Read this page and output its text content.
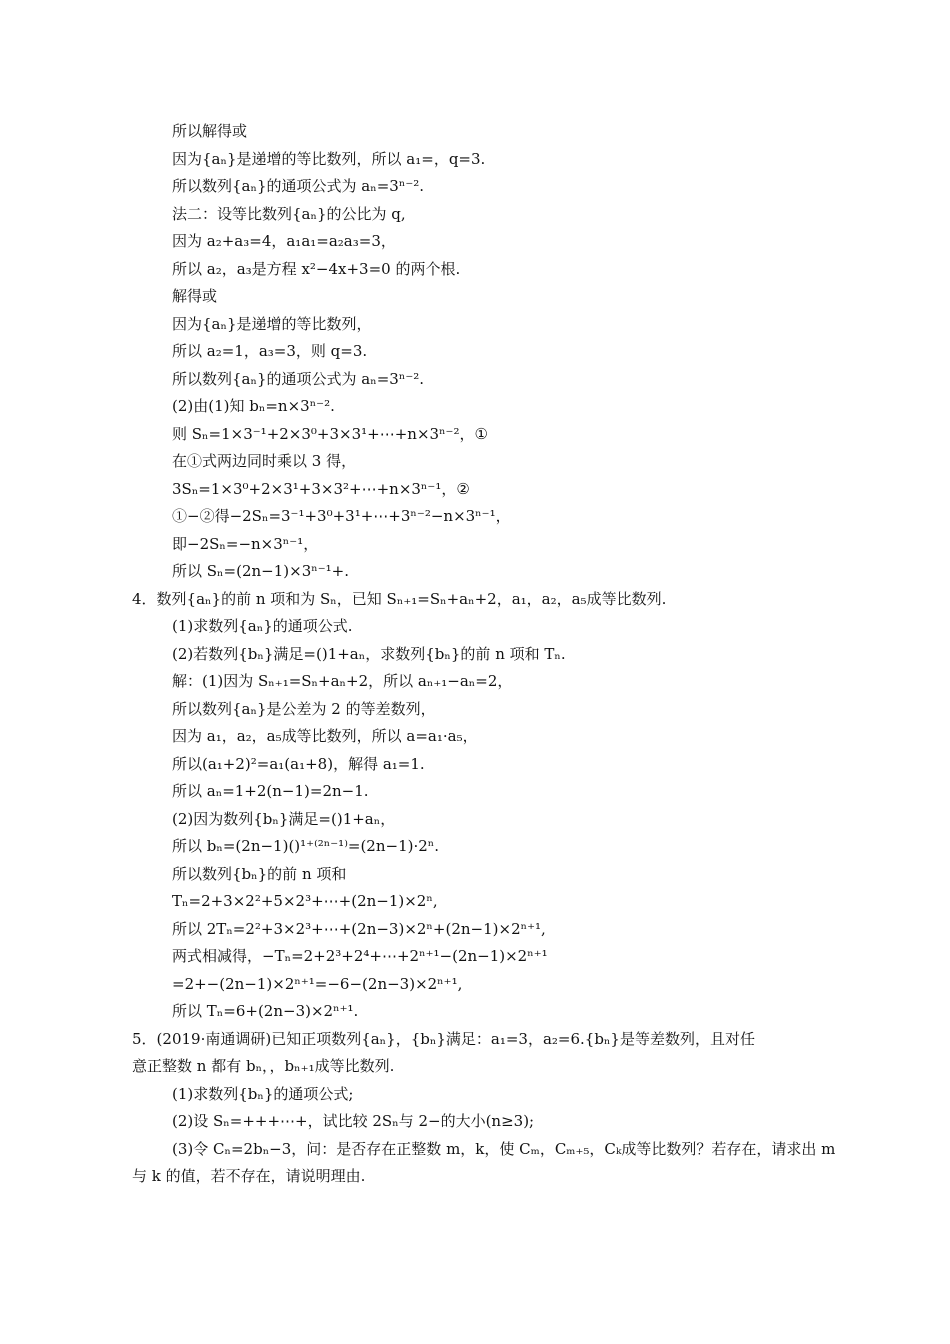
所以解得或
因为{aₙ}是递增的等比数列，所以 a₁=，q=3.
所以数列{aₙ}的通项公式为 aₙ=3ⁿ⁻².
法二：设等比数列{aₙ}的公比为 q,
因为 a₂+a₃=4，a₁a₁=a₂a₃=3，
所以 a₂，a₃是方程 x²−4x+3=0 的两个根.
解得或
因为{aₙ}是递增的等比数列，
所以 a₂=1，a₃=3，则 q=3.
所以数列{aₙ}的通项公式为 aₙ=3ⁿ⁻².
(2)由(1)知 bₙ=n×3ⁿ⁻².
则 Sₙ=1×3⁻¹+2×3⁰+3×3¹+⋯+n×3ⁿ⁻²，①
在①式两边同时乘以 3 得，
3Sₙ=1×3⁰+2×3¹+3×3²+⋯+n×3ⁿ⁻¹，②
①−②得−2Sₙ=3⁻¹+3⁰+3¹+⋯+3ⁿ⁻²−n×3ⁿ⁻¹，
即−2Sₙ=−n×3ⁿ⁻¹，
所以 Sₙ=(2n−1)×3ⁿ⁻¹+.
4．数列{aₙ}的前 n 项和为 Sₙ，已知 Sₙ₊₁=Sₙ+aₙ+2，a₁，a₂，a₅成等比数列.
(1)求数列{aₙ}的通项公式.
(2)若数列{bₙ}满足=()1+aₙ，求数列{bₙ}的前 n 项和 Tₙ.
解：(1)因为 Sₙ₊₁=Sₙ+aₙ+2，所以 aₙ₊₁−aₙ=2，
所以数列{aₙ}是公差为 2 的等差数列，
因为 a₁，a₂，a₅成等比数列，所以 a=a₁·a₅，
所以(a₁+2)²=a₁(a₁+8)，解得 a₁=1.
所以 aₙ=1+2(n−1)=2n−1.
(2)因为数列{bₙ}满足=()1+aₙ，
所以 bₙ=(2n−1)()¹⁺⁽²ⁿ⁻¹⁾=(2n−1)·2ⁿ.
所以数列{bₙ}的前 n 项和
Tₙ=2+3×2²+5×2³+⋯+(2n−1)×2ⁿ,
所以 2Tₙ=2²+3×2³+⋯+(2n−3)×2ⁿ+(2n−1)×2ⁿ⁺¹,
两式相减得，−Tₙ=2+2³+2⁴+⋯+2ⁿ⁺¹−(2n−1)×2ⁿ⁺¹
=2+−(2n−1)×2ⁿ⁺¹=−6−(2n−3)×2ⁿ⁺¹,
所以 Tₙ=6+(2n−3)×2ⁿ⁺¹.
5．(2019·南通调研)已知正项数列{aₙ}，{bₙ}满足：a₁=3，a₂=6.{bₙ}是等差数列，且对任
意正整数 n 都有 bₙ，，bₙ₊₁成等比数列.
(1)求数列{bₙ}的通项公式;
(2)设 Sₙ=+++⋯+，试比较 2Sₙ与 2−的大小(n≥3);
(3)令 Cₙ=2bₙ−3，问：是否存在正整数 m，k，使 Cₘ，Cₘ₊₅，Cₖ成等比数列？若存在，请求出 m
与 k 的值，若不存在，请说明理由.
